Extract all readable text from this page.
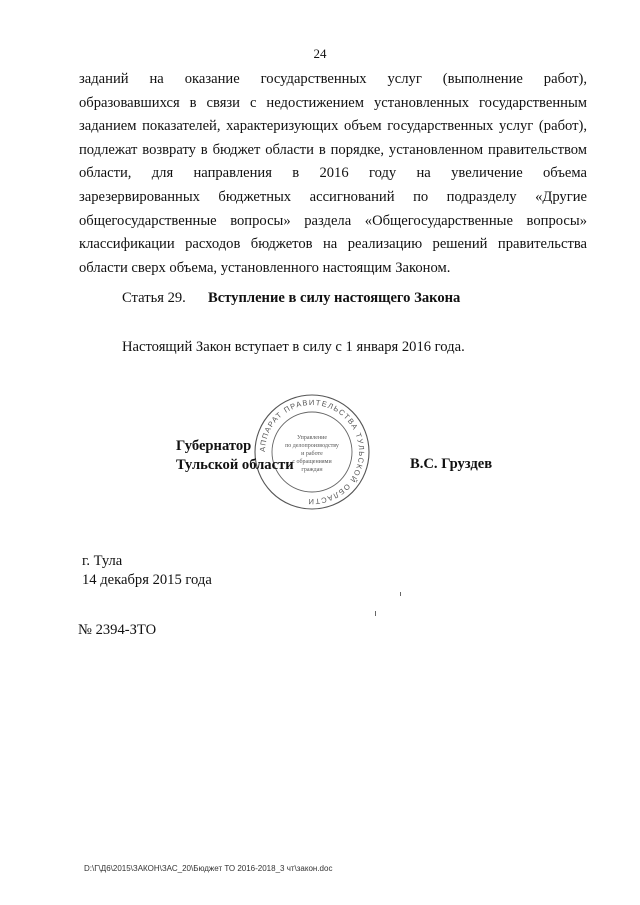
24
заданий на оказание государственных услуг (выполнение работ),
образовавшихся в связи с недостижением установленных государственным
заданием показателей, характеризующих объем государственных услуг (работ),
подлежат возврату в бюджет области в порядке, установленном правительством
области, для направления в 2016 году на увеличение объема
зарезервированных бюджетных ассигнований по подразделу «Другие
общегосударственные вопросы» раздела «Общегосударственные вопросы»
классификации расходов бюджетов на реализацию решений правительства
области сверх объема, установленного настоящим Законом.
Статья 29. Вступление в силу настоящего Закона
Настоящий Закон вступает в силу с 1 января 2016 года.
АППАРАТ ПРАВИТЕЛЬСТВА ТУЛЬСКОЙ ОБЛАСТИ
Управление
по делопроизводству
и работе
с обращениями
граждан
Губернатор
Тульской области	В.С. Груздев
г. Тула
14 декабря 2015 года
№ 2394-ЗТО
D:\Г\Д6\2015\ЗАКОН\ЗАС_20\Бюджет ТО 2016-2018_3 чт\закон.doc
